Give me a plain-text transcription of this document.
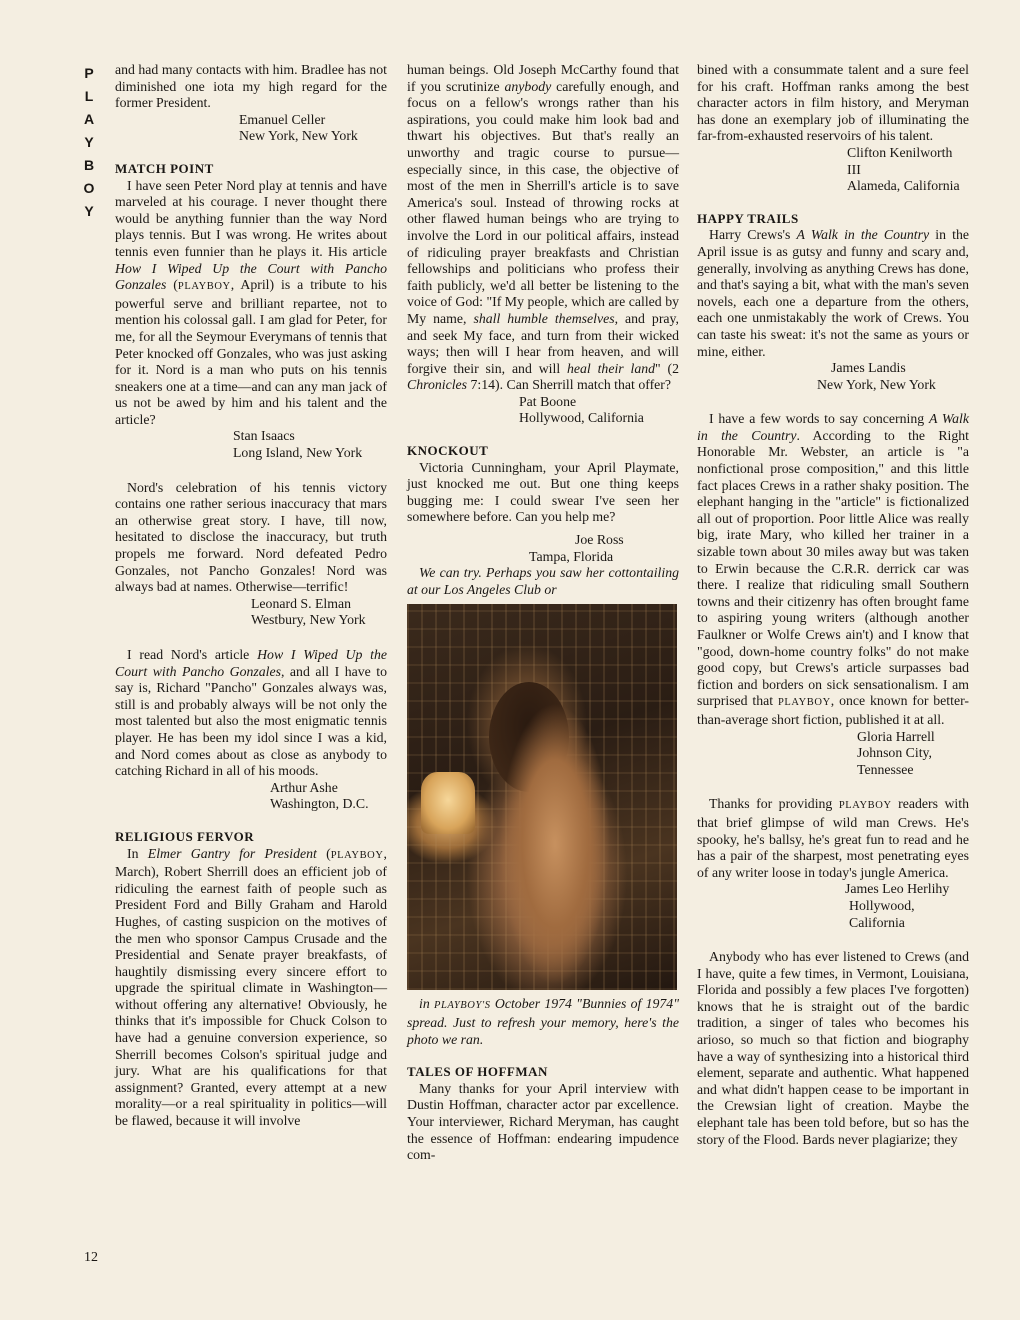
P
L
A
Y
B
O
Y

and had many contacts with him. Bradlee has not diminished one iota my high regard for the former President.

Emanuel Celler
New York, New York
MATCH POINT

I have seen Peter Nord play at tennis and have marveled at his courage. I never thought there would be anything funnier than the way Nord plays tennis. But I was wrong. He writes about tennis even funnier than he plays it. His article How I Wiped Up the Court with Pancho Gonzales (PLAYBOY, April) is a tribute to his powerful serve and brilliant repartee, not to mention his colossal gall. I am glad for Peter, for me, for all the Seymour Everymans of tennis that Peter knocked off Gonzales, who was just asking for it. Nord is a man who puts on his tennis sneakers one at a time—and can any man jack of us not be awed by him and his talent and the article?

Stan Isaacs
Long Island, New York

Nord's celebration of his tennis victory contains one rather serious inaccuracy that mars an otherwise great story. I have, till now, hesitated to disclose the inaccuracy, but truth propels me forward. Nord defeated Pedro Gonzales, not Pancho Gonzales! Nord was always bad at names. Otherwise—terrific!

Leonard S. Elman
Westbury, New York

I read Nord's article How I Wiped Up the Court with Pancho Gonzales, and all I have to say is, Richard "Pancho" Gonzales always was, still is and probably always will be not only the most talented but also the most enigmatic tennis player. He has been my idol since I was a kid, and Nord comes about as close as anybody to catching Richard in all of his moods.

Arthur Ashe
Washington, D.C.
RELIGIOUS FERVOR

In Elmer Gantry for President (PLAYBOY, March), Robert Sherrill does an efficient job of ridiculing the earnest faith of people such as President Ford and Billy Graham and Harold Hughes, of casting suspicion on the motives of the men who sponsor Campus Crusade and the Presidential and Senate prayer breakfasts, of haughtily dismissing every sincere effort to upgrade the spiritual climate in Washington—without offering any alternative! Obviously, he thinks that it's impossible for Chuck Colson to have had a genuine conversion experience, so Sherrill becomes Colson's spiritual judge and jury. What are his qualifications for that assignment? Granted, every attempt at a new morality—or a real spirituality in politics—will be flawed, because it will involve

human beings. Old Joseph McCarthy found that if you scrutinize anybody carefully enough, and focus on a fellow's wrongs rather than his aspirations, you could make him look bad and thwart his objectives. But that's really an unworthy and tragic course to pursue—especially since, in this case, the objective of most of the men in Sherrill's article is to save America's soul. Instead of throwing rocks at other flawed human beings who are trying to involve the Lord in our political affairs, instead of ridiculing prayer breakfasts and Christian fellowships and politicians who profess their faith publicly, we'd all better be listening to the voice of God: "If My people, which are called by My name, shall humble themselves, and pray, and seek My face, and turn from their wicked ways; then will I hear from heaven, and will forgive their sin, and will heal their land" (2 Chronicles 7:14). Can Sherrill match that offer?

Pat Boone
Hollywood, California
KNOCKOUT

Victoria Cunningham, your April Playmate, just knocked me out. But one thing keeps bugging me: I could swear I've seen her somewhere before. Can you help me?

Joe Ross
Tampa, Florida

We can try. Perhaps you saw her cottontailing at our Los Angeles Club or

in PLAYBOY'S October 1974 "Bunnies of 1974" spread. Just to refresh your memory, here's the photo we ran.

TALES OF HOFFMAN

Many thanks for your April interview with Dustin Hoffman, character actor par excellence. Your interviewer, Richard Meryman, has caught the essence of Hoffman: endearing impudence com-

bined with a consummate talent and a sure feel for his craft. Hoffman ranks among the best character actors in film history, and Meryman has done an exemplary job of illuminating the far-from-exhausted reservoirs of his talent.

Clifton Kenilworth III
Alameda, California
HAPPY TRAILS

Harry Crews's A Walk in the Country in the April issue is as gutsy and funny and scary and, generally, involving as anything Crews has done, and that's saying a bit, what with the man's seven novels, each one a departure from the others, each one unmistakably the work of Crews. You can taste his sweat: it's not the same as yours or mine, either.

James Landis
New York, New York

I have a few words to say concerning A Walk in the Country. According to the Right Honorable Mr. Webster, an article is "a nonfictional prose composition," and this little fact places Crews in a rather shaky position. The elephant hanging in the "article" is fictionalized all out of proportion. Poor little Alice was really big, irate Mary, who killed her trainer in a sizable town about 30 miles away but was taken to Erwin because the C.R.R. derrick car was there. I realize that ridiculing small Southern towns and their citizenry has often brought fame to aspiring young writers (although another Faulkner or Wolfe Crews ain't) and I know that "good, down-home country folks" do not make good copy, but Crews's article surpasses bad fiction and borders on sick sensationalism. I am surprised that PLAYBOY, once known for better-than-average short fiction, published it at all.

Gloria Harrell
Johnson City, Tennessee

Thanks for providing PLAYBOY readers with that brief glimpse of wild man Crews. He's spooky, he's ballsy, he's great fun to read and he has a pair of the sharpest, most penetrating eyes of any writer loose in today's jungle America.

James Leo Herlihy
Hollywood, California

Anybody who has ever listened to Crews (and I have, quite a few times, in Vermont, Louisiana, Florida and possibly a few places I've forgotten) knows that he is straight out of the bardic tradition, a singer of tales who becomes his arioso, so much so that fiction and biography have a way of synthesizing into a historical third element, separate and authentic. What happened and what didn't happen cease to be important in the Crewsian light of creation. Maybe the elephant tale has been told before, but so has the story of the Flood. Bards never plagiarize; they

12
